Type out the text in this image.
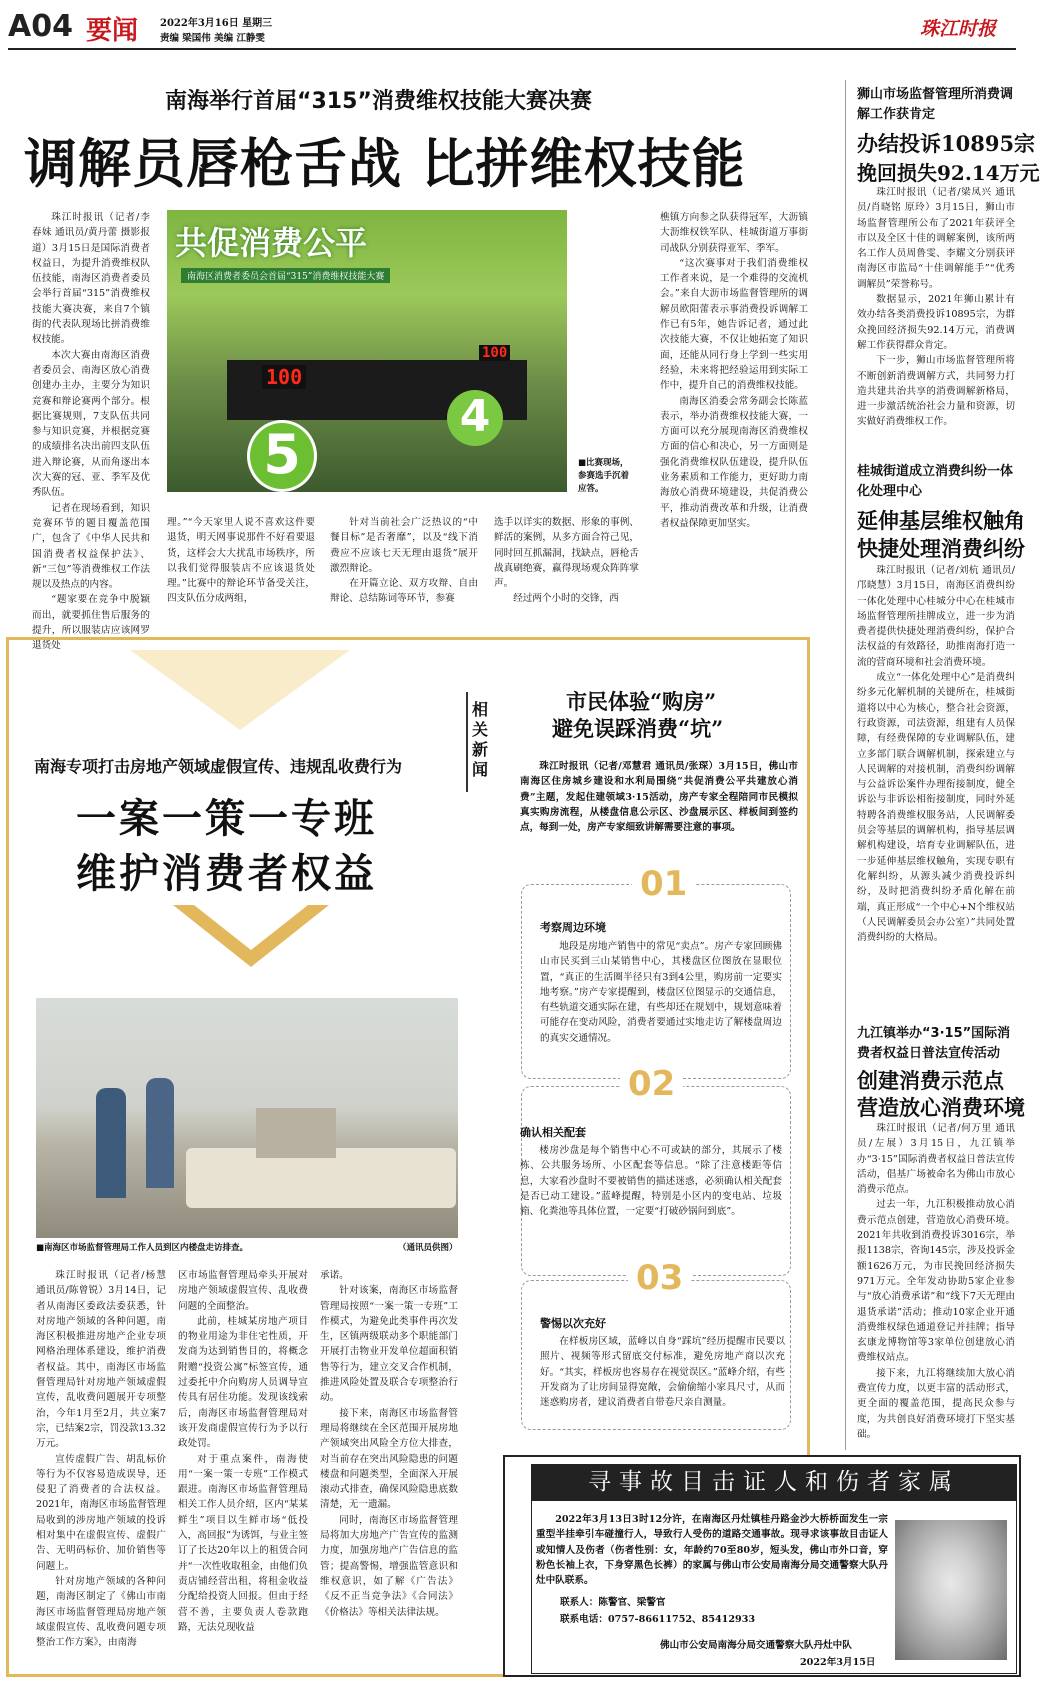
A04 要闻 2022年3月16日 星期三
责编 梁国伟 美编 江静雯	珠江时报
南海举行首届“315”消费维权技能大赛决赛
调解员唇枪舌战 比拼维权技能

珠江时报讯（记者/李春妹 通讯员/黄丹蕾 摄影报道）3月15日是国际消费者权益日，为提升消费维权队伍技能，南海区消费者委员会举行首届“315”消费维权技能大赛决赛，来自7个镇街的代表队现场比拼消费维权技能。

本次大赛由南海区消费者委员会、南海区放心消费创建办主办，主要分为知识竞赛和辩论赛两个部分。根据比赛规则，7支队伍共同参与知识竞赛，并根据竞赛的成绩排名决出前四支队伍进入辩论赛，从而角逐出本次大赛的冠、亚、季军及优秀队伍。

记者在现场看到，知识竞赛环节的题目覆盖范围广，包含了《中华人民共和国消费者权益保护法》、新“三包”等消费维权工作法规以及热点的内容。

“题家要在竞争中脱颖而出，就要抓住售后服务的提升，所以服装店应该网罗退货处

共促消费公平
南海区消费者委员会首届“315”消费维权技能大赛
100
100
5
4
■比赛现场，参赛选手沉着应答。

理。”“今天家里人说不喜欢这件要退货，明天网事说那件不好看要退货，这样会大大扰乱市场秩序，所以我们觉得服装店不应该退货处理。”比赛中的辩论环节备受关注，四支队伍分成两组，

针对当前社会广泛热议的“中餐目标”是否奢靡”，以及“线下消费应不应该七天无理由退货”展开激烈辩论。

在开篇立论、双方攻辩、自由辩论、总结陈词等环节，参赛

选手以详实的数据、形象的事例、鲜活的案例，从多方面合符己见，同时回互抓漏洞，找缺点，唇枪舌战真刷绝赛，赢得现场观众阵阵掌声。

经过两个小时的交锋，西

樵镇方向参之队获得冠军，大沥镇大沥维权铁军队、桂城街道万事街司战队分别获得亚军、季军。

“这次赛事对于我们消费维权工作者来说，是一个难得的交流机会。”来自大沥市场监督管理所的调解员欧阳蕾表示事消费投诉调解工作已有5年，她告诉记者，通过此次技能大赛，不仅让她拓宽了知识面，还能从同行身上学到一些实用经验，未来将把经验运用到实际工作中，提升自己的消费维权技能。

南海区消委会常务副会长陈蓝表示，举办消费维权技能大赛，一方面可以充分展现南海区消费维权方面的信心和决心，另一方面则是强化消费维权队伍建设，提升队伍业务素质和工作能力，更好助力南海放心消费环境建设，共促消费公平，推动消费改革和升级，让消费者权益保障更加坚实。

狮山市场监督管理所消费调解工作获肯定
办结投诉10895宗
挽回损失92.14万元

珠江时报讯（记者/梁凤兴 通讯员/肖晓铭 原玲）3月15日，狮山市场监督管理所公布了2021年获评全市以及全区十佳的调解案例，该所两名工作人员周鲁雯、李耀文分别获评南海区市监局“十佳调解能手”“优秀调解员”荣誉称号。

数据显示，2021年狮山累计有效办结各类消费投诉10895宗，为群众挽回经济损失92.14万元，消费调解工作获得群众肯定。

下一步，狮山市场监督管理所将不断创新消费调解方式，共同努力打造共建共治共享的消费调解新格局，进一步激活统治社会力量和资源，切实做好消费维权工作。

桂城街道成立消费纠纷一体化处理中心
延伸基层维权触角
快捷处理消费纠纷

珠江时报讯（记者/刘杭 通讯员/邝晓慧）3月15日，南海区消费纠纷一体化处理中心桂城分中心在桂城市场监督管理所挂牌成立，进一步为消费者提供快捷处理消费纠纷，保护合法权益的有效路径，助推南海打造一流的营商环境和社会消费环境。

成立“一体化处理中心”是消费纠纷多元化解机制的关键所在，桂城街道将以中心为核心，整合社会资源，行政资源，司法资源，组建有人员保障，有经费保障的专业调解队伍，建立多部门联合调解机制，探索建立与人民调解的对接机制，消费纠纷调解与公益诉讼案件办理衔接制度，健全诉讼与非诉讼相衔接制度，同时外延特聘各消费维权服务站，人民调解委员会等基层的调解机构，指导基层调解机构建设，培育专业调解队伍，进一步延伸基层维权触角，实现专职有化解纠纷，从源头减少消费投诉纠纷，及时把消费纠纷矛盾化解在前端，真正形成“一个中心+N个维权站（人民调解委员会办公室）”共同处置消费纠纷的大格局。

九江镇举办“3·15”国际消费者权益日普法宣传活动
创建消费示范点
营造放心消费环境

珠江时报讯（记者/何万里 通讯员/左展）3月15日，九江镇举办“3·15”国际消费者权益日普法宣传活动，倡基广场被命名为佛山市放心消费示范点。

过去一年，九江积极推动放心消费示范点创建，营造放心消费环境。2021年共收到消费投诉3016宗，举报1138宗，咨询145宗，涉及投诉金额1626万元，为市民挽回经济损失971万元。全年发动协助5家企业参与“放心消费承诺”和“线下7天无理由退货承诺”活动；推动10家企业开通消费维权绿色通道登记并挂牌；指导玄康龙博物馆等3家单位创建放心消费维权站点。

接下来，九江将继续加大放心消费宣传力度，以更丰富的活动形式，更全面的覆盖范围，提高民众参与度，为共创良好消费环境打下坚实基础。

南海专项打击房地产领域虚假宣传、违规乱收费行为
一案一策一专班
维护消费者权益
相关新闻
■南海区市场监督管理局工作人员到区内楼盘走访排查。	（通讯员供图）

珠江时报讯（记者/杨慧 通讯员/陈曾锐）3月14日，记者从南海区委政法委获悉，针对房地产领域的各种问题，南海区积极推进房地产企业专项网格治理体系建设，维护消费者权益。其中，南海区市场监督管理局针对房地产领域虚假宣传，乱收费问题展开专项整治，今年1月至2月，共立案7宗，已结案2宗，罚没款13.32万元。

宣传虚假广告、胡乱标价等行为不仅容易造成误导，还侵犯了消费者的合法权益。2021年，南海区市场监督管理局收到的涉房地产领域的投诉相对集中在虚假宣传、虚假广告、无明码标价、加价销售等问题上。

针对房地产领域的各种问题，南海区制定了《佛山市南海区市场监督管理局房地产领域虚假宣传、乱收费问题专项整治工作方案》，由南海

区市场监督管理局牵头开展对房地产领域虚假宣传、乱收费问题的全面整治。

此前，桂城某房地产项目的物业用途为非住宅性质，开发商为达到销售目的，将概念附赠“投资公寓”标签宣传，通过委托中介向购房人员调导宣传具有居住功能。发现该线索后，南海区市场监督管理局对该开发商虚假宣传行为予以行政处罚。

对于重点案件，南海使用“一案一策一专班”工作模式跟进。南海区市场监督管理局相关工作人员介绍，区内“某某鲜生”项目以生鲜市场“低投入，高回报”为诱饵，与业主签订了长达20年以上的租赁合同并“一次性收取租金，由他们负责店铺经营出租，将租金收益分配给投资人回报。但由于经营不善，主要负责人卷款跑路，无法兑现收益

承诺。

针对该案，南海区市场监督管理局按照“一案一策一专班”工作模式，为避免此类事件再次发生，区镇两级联动多个职能部门开展打击物业开发单位超面积销售等行为，建立交叉合作机制，推进风险处置及联合专项整治行动。

接下来，南海区市场监督管理局将继续在全区范围开展房地产领域突出风险全方位大排查，对当前存在突出风险隐患的问题楼盘和问题类型，全面深入开展滚动式排查，确保风险隐患底数清楚，无一遗漏。

同时，南海区市场监督管理局将加大房地产广告宣传的监测力度，加强房地产广告信息的监管；提高警惕，增强监管意识和维权意识，如了解《广告法》《反不正当竞争法》《合同法》《价格法》等相关法律法规。

市民体验“购房”
避免误踩消费“坑”

珠江时报讯（记者/邓慧君 通讯员/张琛）3月15日，佛山市南海区住房城乡建设和水利局围绕“共促消费公平共建放心消费”主题，发起住建领域3·15活动，房产专家全程陪同市民模拟真实购房流程，从楼盘信息公示区、沙盘展示区、样板间到签约点，每到一处，房产专家细致讲解需要注意的事项。

01
考察周边环境

地段是房地产销售中的常见“卖点”。房产专家回顾佛山市民买到三山某销售中心，其楼盘区位图放在显眼位置，“真正的生活圈半径只有3到4公里，购房前一定要实地考察。”房产专家提醒到，楼盘区位图显示的交通信息，有些轨道交通实际在建，有些却还在规划中，规划意味着可能存在变动风险，消费者要通过实地走访了解楼盘周边的真实交通情况。

02
确认相关配套

楼房沙盘是每个销售中心不可或缺的部分，其展示了楼栋、公共服务场所、小区配套等信息。“除了注意楼距等信息，大家看沙盘时不要被销售的描述迷惑，必须确认相关配套是否已动工建设。”蓝峰提醒，特别是小区内的变电站、垃圾箱、化粪池等具体位置，一定要“打破砂锅问到底”。

03
警惕以次充好

在样板房区域，蓝峰以自身“踩坑”经历提醒市民要以照片、视频等形式留底交付标准，避免房地产商以次充好。“其实，样板房也容易存在视觉误区。”蓝峰介绍，有些开发商为了让房间显得宽敞，会偷偷缩小家具尺寸，从而迷惑购房者，建议消费者自带卷尺亲自测量。

寻事故目击证人和伤者家属

2022年3月13日3时12分许，在南海区丹灶镇桂丹路金沙大桥桥面发生一宗重型半挂牵引车碰撞行人，导致行人受伤的道路交通事故。现寻求该事故目击证人或知情人及伤者（伤者性别：女，年龄约70至80岁，短头发，佛山市外口音，穿粉色长袖上衣，下身穿黑色长裤）的家属与佛山市公安局南海分局交通警察大队丹灶中队联系。

联系人：陈警官、梁警官
联系电话：0757-86611752、85412933
佛山市公安局南海分局交通警察大队丹灶中队
2022年3月15日
